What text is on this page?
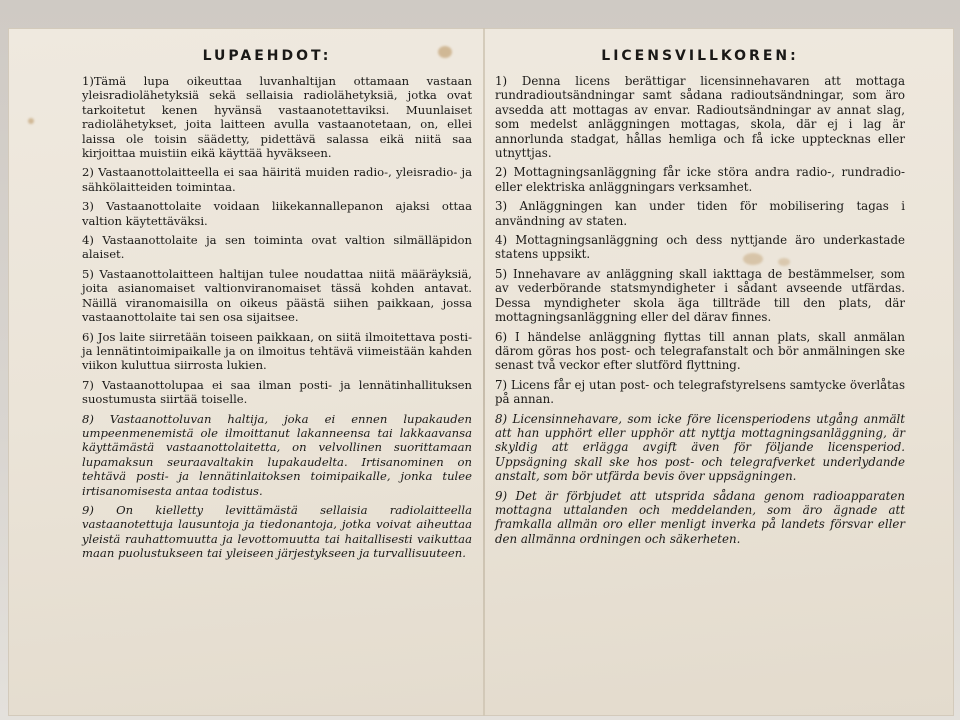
LUPAEHDOT:

1)Tämä lupa oikeuttaa luvanhaltijan ottamaan vastaan yleisradiolähetyksiä sekä sellaisia radiolähetyksiä, jotka ovat tarkoitetut kenen hyvänsä vastaanotettaviksi. Muunlaiset radiolähetykset, joita laitteen avulla vastaanotetaan, on, ellei laissa ole toisin säädetty, pidettävä salassa eikä niitä saa kirjoittaa muistiin eikä käyttää hyväkseen.

2) Vastaanottolaitteella ei saa häiritä muiden radio-, yleisradio- ja sähkölaitteiden toimintaa.

3) Vastaanottolaite voidaan liikekannallepanon ajaksi ottaa valtion käytettäväksi.

4) Vastaanottolaite ja sen toiminta ovat valtion silmälläpidon alaiset.

5) Vastaanottolaitteen haltijan tulee noudattaa niitä määräyksiä, joita asianomaiset valtionviranomaiset tässä kohden antavat. Näillä viranomaisilla on oikeus päästä siihen paikkaan, jossa vastaanottolaite tai sen osa sijaitsee.

6) Jos laite siirretään toiseen paikkaan, on siitä ilmoitettava posti- ja lennätintoimipaikalle ja on ilmoitus tehtävä viimeistään kahden viikon kuluttua siirrosta lukien.

7) Vastaanottolupaa ei saa ilman posti- ja lennätinhallituksen suostumusta siirtää toiselle.

8) Vastaanottoluvan haltija, joka ei ennen lupakauden umpeenmenemistä ole ilmoittanut lakanneensa tai lakkaavansa käyttämästä vastaanottolaitetta, on velvollinen suorittamaan lupamaksun seuraavaltakin lupakaudelta. Irtisanominen on tehtävä posti- ja lennätinlaitoksen toimipaikalle, jonka tulee irtisanomisesta antaa todistus.

9) On kielletty levittämästä sellaisia radiolaitteella vastaanotettuja lausuntoja ja tiedonantoja, jotka voivat aiheuttaa yleistä rauhattomuutta ja levottomuutta tai haitallisesti vaikuttaa maan puolustukseen tai yleiseen järjestykseen ja turvallisuuteen.

LICENSVILLKOREN:

1) Denna licens berättigar licensinnehavaren att mottaga rundradioutsändningar samt sådana radioutsändningar, som äro avsedda att mottagas av envar. Radioutsändningar av annat slag, som medelst anläggningen mottagas, skola, där ej i lag är annorlunda stadgat, hållas hemliga och få icke upptecknas eller utnyttjas.

2) Mottagningsanläggning får icke störa andra radio-, rundradio- eller elektriska anläggningars verksamhet.

3) Anläggningen kan under tiden för mobilisering tagas i användning av staten.

4) Mottagningsanläggning och dess nyttjande äro underkastade statens uppsikt.

5) Innehavare av anläggning skall iakttaga de bestämmelser, som av vederbörande statsmyndigheter i sådant avseende utfärdas. Dessa myndigheter skola äga tillträde till den plats, där mottagningsanläggning eller del därav finnes.

6) I händelse anläggning flyttas till annan plats, skall anmälan därom göras hos post- och telegrafanstalt och bör anmälningen ske senast två veckor efter slutförd flyttning.

7) Licens får ej utan post- och telegrafstyrelsens samtycke överlåtas på annan.

8) Licensinnehavare, som icke före licensperiodens utgång anmält att han upphört eller upphör att nyttja mottagningsanläggning, är skyldig att erlägga avgift även för följande licensperiod. Uppsägning skall ske hos post- och telegrafverket underlydande anstalt, som bör utfärda bevis över uppsägningen.

9) Det är förbjudet att utsprida sådana genom radioapparaten mottagna uttalanden och meddelanden, som äro ägnade att framkalla allmän oro eller menligt inverka på landets försvar eller den allmänna ordningen och säkerheten.
